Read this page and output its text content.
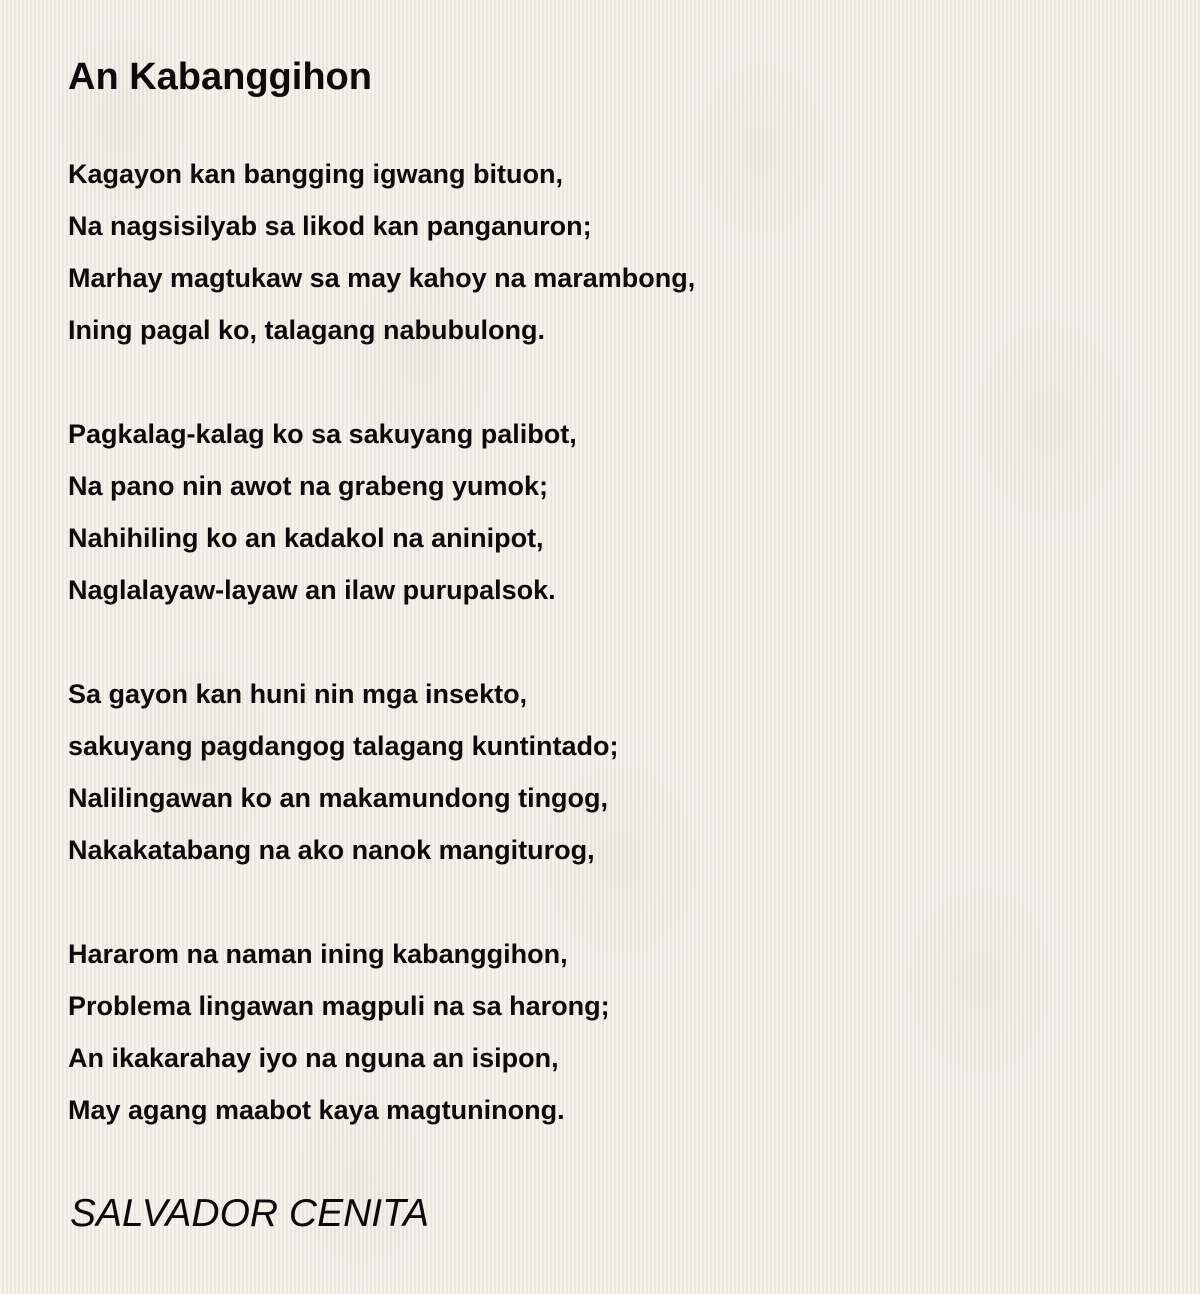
An Kabanggihon
Kagayon kan bangging igwang bituon,
Na nagsisilyab sa likod kan panganuron;
Marhay magtukaw sa may kahoy na marambong,
Ining pagal ko, talagang nabubulong.
Pagkalag-kalag ko sa sakuyang palibot,
Na pano nin awot na grabeng yumok;
Nahihiling ko an kadakol na aninipot,
Naglalayaw-layaw an ilaw purupalsok.
Sa gayon kan huni nin mga insekto,
sakuyang pagdangog talagang kuntintado;
Nalilingawan ko an makamundong tingog,
Nakakatabang na ako nanok mangiturog,
Hararom na naman ining kabanggihon,
Problema lingawan magpuli na sa harong;
An ikakarahay iyo na nguna an isipon,
May agang maabot kaya magtuninong.
SALVADOR CENITA
